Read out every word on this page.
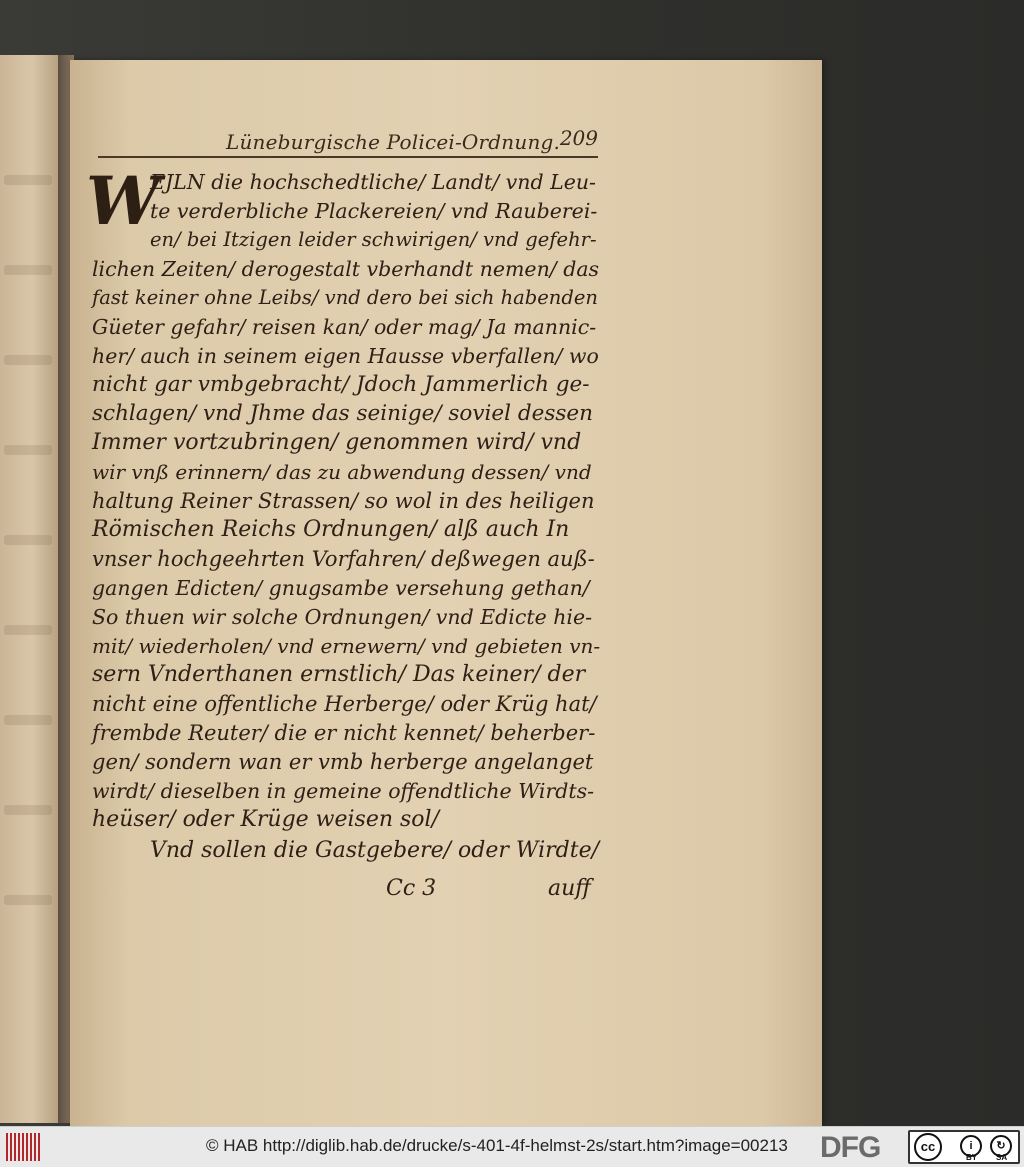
Lüneburgische Policei-Ordnung. 209
W
EJLN die hochschedtliche/ Landt/ vnd Leu-
te verderbliche Plackereien/ vnd Rauberei-
en/ bei Itzigen leider schwirigen/ vnd gefehr-
lichen Zeiten/ derogestalt vberhandt nemen/ das
fast keiner ohne Leibs/ vnd dero bei sich habenden
Güeter gefahr/ reisen kan/ oder mag/ Ja mannic-
her/ auch in seinem eigen Hausse vberfallen/ wo
nicht gar vmbgebracht/ Jdoch Jammerlich ge-
schlagen/ vnd Jhme das seinige/ soviel dessen
Immer vortzubringen/ genommen wird/ vnd
wir vnß erinnern/ das zu abwendung dessen/ vnd
haltung Reiner Strassen/ so wol in des heiligen
Römischen Reichs Ordnungen/ alß auch In
vnser hochgeehrten Vorfahren/ deßwegen auß-
gangen Edicten/ gnugsambe versehung gethan/
So thuen wir solche Ordnungen/ vnd Edicte hie-
mit/ wiederholen/ vnd ernewern/ vnd gebieten vn-
sern Vnderthanen ernstlich/ Das keiner/ der
nicht eine offentliche Herberge/ oder Krüg hat/
frembde Reuter/ die er nicht kennet/ beherber-
gen/ sondern wan er vmb herberge angelanget
wirdt/ dieselben in gemeine offendtliche Wirdts-
heüser/ oder Krüge weisen sol/
Vnd sollen die Gastgebere/ oder Wirdte/
Cc 3	auff
© HAB http://diglib.hab.de/drucke/s-401-4f-helmst-2s/start.htm?image=00213 DFG	cc	i	↻
BY SA
